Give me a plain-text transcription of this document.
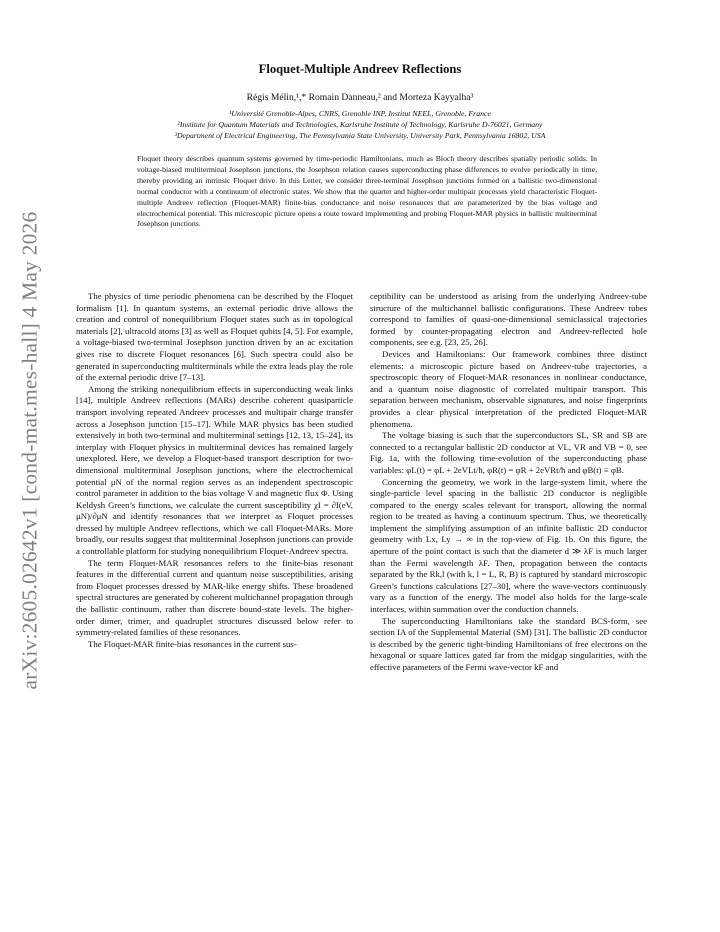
arXiv:2605.02642v1 [cond-mat.mes-hall] 4 May 2026
Floquet-Multiple Andreev Reflections
Régis Mélin,¹,* Romain Danneau,² and Morteza Kayyalha³
¹Université Grenoble-Alpes, CNRS, Grenoble INP, Institut NEEL, Grenoble, France
²Institute for Quantum Materials and Technologies, Karlsruhe Institute of Technology, Karlsruhe D-76021, Germany
³Department of Electrical Engineering, The Pennsylvania State University, University Park, Pennsylvania 16802, USA
Floquet theory describes quantum systems governed by time-periodic Hamiltonians, much as Bloch theory describes spatially periodic solids. In voltage-biased multiterminal Josephson junctions, the Josephson relation causes superconducting phase differences to evolve periodically in time, thereby providing an intrinsic Floquet drive. In this Letter, we consider three-terminal Josephson junctions formed on a ballistic two-dimensional normal conductor with a continuum of electronic states. We show that the quartet and higher-order multipair processes yield characteristic Floquet-multiple Andreev reflection (Floquet-MAR) finite-bias conductance and noise resonances that are parameterized by the bias voltage and electrochemical potential. This microscopic picture opens a route toward implementing and probing Floquet-MAR physics in ballistic multiterminal Josephson junctions.

The physics of time periodic phenomena can be described by the Floquet formalism [1]. In quantum systems, an external periodic drive allows the creation and control of nonequilibrium Floquet states such as in topological materials [2], ultracold atoms [3] as well as Floquet qubits [4, 5]. For example, a voltage-biased two-terminal Josephson junction driven by an ac excitation gives rise to discrete Floquet resonances [6]. Such spectra could also be generated in superconducting multiterminals while the extra leads play the role of the external periodic drive [7–13].

Among the striking nonequilibrium effects in superconducting weak links [14], multiple Andreev reflections (MARs) describe coherent quasiparticle transport involving repeated Andreev processes and multipair charge transfer across a Josephson junction [15–17]. While MAR physics has been studied extensively in both two-terminal and multiterminal settings [12, 13, 15–24], its interplay with Floquet physics in multiterminal devices has remained largely unexplored. Here, we develop a Floquet-based transport description for two-dimensional multiterminal Josephson junctions, where the electrochemical potential μN of the normal region serves as an independent spectroscopic control parameter in addition to the bias voltage V and magnetic flux Φ. Using Keldysh Green’s functions, we calculate the current susceptibility χI = ∂I(eV, μN)/∂μN and identify resonances that we interpret as Floquet processes dressed by multiple Andreev reflections, which we call Floquet-MARs. More broadly, our results suggest that multiterminal Josephson junctions can provide a controllable platform for studying nonequilibrium Floquet-Andreev spectra.

The term Floquet-MAR resonances refers to the finite-bias resonant features in the differential current and quantum noise susceptibilities, arising from Floquet processes dressed by MAR-like energy shifts. These broadened spectral structures are generated by coherent multichannel propagation through the ballistic continuum, rather than discrete bound-state levels. The higher-order dimer, trimer, and quadruplet structures discussed below refer to symmetry-related families of these resonances.

The Floquet-MAR finite-bias resonances in the current sus-

ceptibility can be understood as arising from the underlying Andreev-tube structure of the multichannel ballistic configurations. These Andreev tubes correspond to families of quasi-one-dimensional semiclassical trajectories formed by counter-propagating electron and Andreev-reflected hole components, see e.g. [23, 25, 26].

Devices and Hamiltonians: Our framework combines three distinct elements: a microscopic picture based on Andreev-tube trajectories, a spectroscopic theory of Floquet-MAR resonances in nonlinear conductance, and a quantum noise diagnostic of correlated multipair transport. This separation between mechanism, observable signatures, and noise fingerprints provides a clear physical interpretation of the predicted Floquet-MAR phenomena.

The voltage biasing is such that the superconductors SL, SR and SB are connected to a rectangular ballistic 2D conductor at VL, VR and VB = 0, see Fig. 1a, with the following time-evolution of the superconducting phase variables: φL(t) = φL + 2eVLt/ħ, φR(t) = φR + 2eVRt/ħ and φB(t) ≡ φB.

Concerning the geometry, we work in the large-system limit, where the single-particle level spacing in the ballistic 2D conductor is negligible compared to the energy scales relevant for transport, allowing the normal region to be treated as having a continuum spectrum. Thus, we theoretically implement the simplifying assumption of an infinite ballistic 2D conductor geometry with Lx, Ly → ∞ in the top-view of Fig. 1b. On this figure, the aperture of the point contact is such that the diameter d ≫ λF is much larger than the Fermi wavelength λF. Then, propagation between the contacts separated by the Rk,l (with k, l = L, R, B) is captured by standard microscopic Green’s functions calculations [27–30], where the wave-vectors continuously vary as a function of the energy. The model also holds for the large-scale interfaces, within summation over the conduction channels.

The superconducting Hamiltonians take the standard BCS-form, see section IA of the Supplemental Material (SM) [31]. The ballistic 2D conductor is described by the generic tight-binding Hamiltonians of free electrons on the hexagonal or square lattices gated far from the midgap singularities, with the effective parameters of the Fermi wave-vector kF and
